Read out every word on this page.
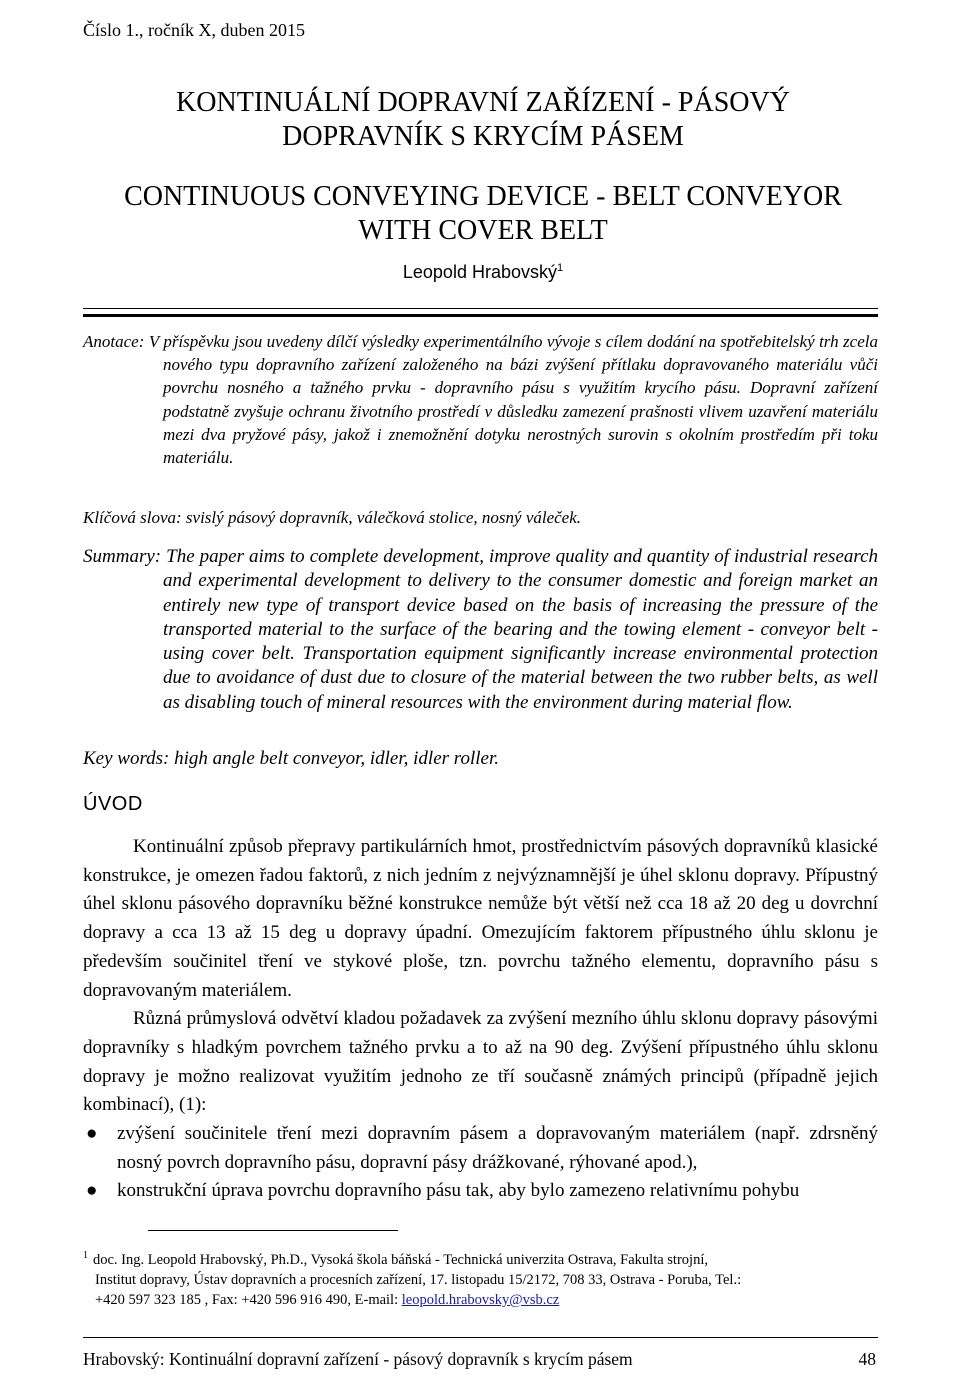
Číslo 1., ročník X, duben 2015
KONTINUÁLNÍ DOPRAVNÍ ZAŘÍZENÍ - PÁSOVÝ
DOPRAVNÍK S KRYCÍM PÁSEM
CONTINUOUS CONVEYING DEVICE - BELT CONVEYOR
WITH COVER BELT
Leopold Hrabovský$^1$
Anotace: V příspěvku jsou uvedeny dílčí výsledky experimentálního vývoje s cílem dodání na spotřebitelský trh zcela nového typu dopravního zařízení založeného na bázi zvýšení přítlaku dopravovaného materiálu vůči povrchu nosného a tažného prvku - dopravního pásu s využitím krycího pásu. Dopravní zařízení podstatně zvyšuje ochranu životního prostředí v důsledku zamezení prašnosti vlivem uzavření materiálu mezi dva pryžové pásy, jakož i znemožnění dotyku nerostných surovin s okolním prostředím při toku materiálu.
Klíčová slova: svislý pásový dopravník, válečková stolice, nosný váleček.
Summary: The paper aims to complete development, improve quality and quantity of industrial research and experimental development to delivery to the consumer domestic and foreign market an entirely new type of transport device based on the basis of increasing the pressure of the transported material to the surface of the bearing and the towing element - conveyor belt - using cover belt. Transportation equipment significantly increase environmental protection due to avoidance of dust due to closure of the material between the two rubber belts, as well as disabling touch of mineral resources with the environment during material flow.
Key words: high angle belt conveyor, idler, idler roller.
ÚVOD

Kontinuální způsob přepravy partikulárních hmot, prostřednictvím pásových dopravníků klasické konstrukce, je omezen řadou faktorů, z nich jedním z nejvýznamnější je úhel sklonu dopravy. Přípustný úhel sklonu pásového dopravníku běžné konstrukce nemůže být větší než cca 18 až 20 deg u dovrchní dopravy a cca 13 až 15 deg u dopravy úpadní. Omezujícím faktorem přípustného úhlu sklonu je především součinitel tření ve stykové ploše, tzn. povrchu tažného elementu, dopravního pásu s dopravovaným materiálem.

Různá průmyslová odvětví kladou požadavek za zvýšení mezního úhlu sklonu dopravy pásovými dopravníky s hladkým povrchem tažného prvku a to až na 90 deg. Zvýšení přípustného úhlu sklonu dopravy je možno realizovat využitím jednoho ze tří současně známých principů (případně jejich kombinací), (1):

● zvýšení součinitele tření mezi dopravním pásem a dopravovaným materiálem (např. zdrsněný nosný povrch dopravního pásu, dopravní pásy drážkované, rýhované apod.),
● konstrukční úprava povrchu dopravního pásu tak, aby bylo zamezeno relativnímu pohybu
$^1$ doc. Ing. Leopold Hrabovský, Ph.D., Vysoká škola báňská - Technická univerzita Ostrava, Fakulta strojní,
Institut dopravy, Ústav dopravních a procesních zařízení, 17. listopadu 15/2172, 708 33, Ostrava - Poruba, Tel.:
+420 597 323 185 , Fax: +420 596 916 490, E-mail: leopold.hrabovsky@vsb.cz
Hrabovský: Kontinuální dopravní zařízení - pásový dopravník s krycím pásem	48
